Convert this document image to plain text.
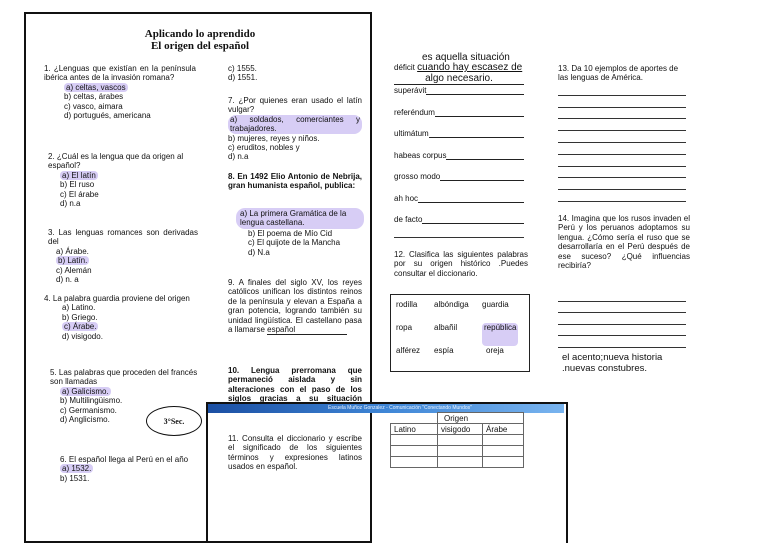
Aplicando lo aprendido
El origen del español
1. ¿Lenguas que existían en la península ibérica antes de la invasión romana?
a) celtas, vascos
b) celtas, árabes
c) vasco, aimara
d) portugués, americana
2. ¿Cuál es la lengua que da origen al español?
a) El latín
b) El ruso
c) El árabe
d) n.a
3. Las lenguas romances son derivadas del
a) Árabe.
b) Latín.
c) Alemán
d) n. a
4. La palabra guardia proviene del origen
a) Latino.
b) Griego.
c) Árabe.
d) visigodo.
5. Las palabras que proceden del francés son llamadas
a) Galicismo.
b) Multilingüismo.
c) Germanismo.
d) Anglicismo.	3°Sec.
6. El español llega al Perú en el año
a) 1532.
b) 1531.
c) 1555.
d) 1551.
7. ¿Por quienes eran usado el latín vulgar?
a) soldados, comerciantes y trabajadores.
b) mujeres, reyes y niños.
c) eruditos, nobles y
d) n.a
8. En 1492 Elio Antonio de Nebrija, gran humanista español, publica:
a) La primera Gramática de la lengua castellana.
b) El poema de Mío Cid
c) El quijote de la Mancha
d) N.a
9. A finales del siglo XV, los reyes católicos unifican los distintos reinos de la península y elevan a España a gran potencia, logrando también su unidad lingüística. El castellano pasa a llamarse español
10. Lengua prerromana que permaneció aislada y sin alteraciones con el paso de los siglos gracias a su situación
11. Consulta el diccionario y escribe el significado de los siguientes términos y expresiones latinos usados en español.
Escuela Muñoz Gonzalez - Comunicación "Conectando Mundos"
es aquella situación
déficit cuando hay escasez de
algo necesario.
superávit
referéndum
ultimátum
habeas corpus
grosso modo
ah hoc
de facto
12. Clasifica las siguientes palabras por su origen histórico .Puedes consultar el diccionario.
rodilla	albóndiga	guardia
ropa	albañil	república
alférez	espía	oreja
	Origen	
Latino	visigodo	Árabe

13. Da 10 ejemplos de aportes de las lenguas de América.
14. Imagina que los rusos invaden el Perú y los peruanos adoptamos su lengua. ¿Cómo sería el ruso que se desarrollaría en el Perú después de ese suceso? ¿Qué influencias recibiría?
el acento;nueva historia
.nuevas constubres.
